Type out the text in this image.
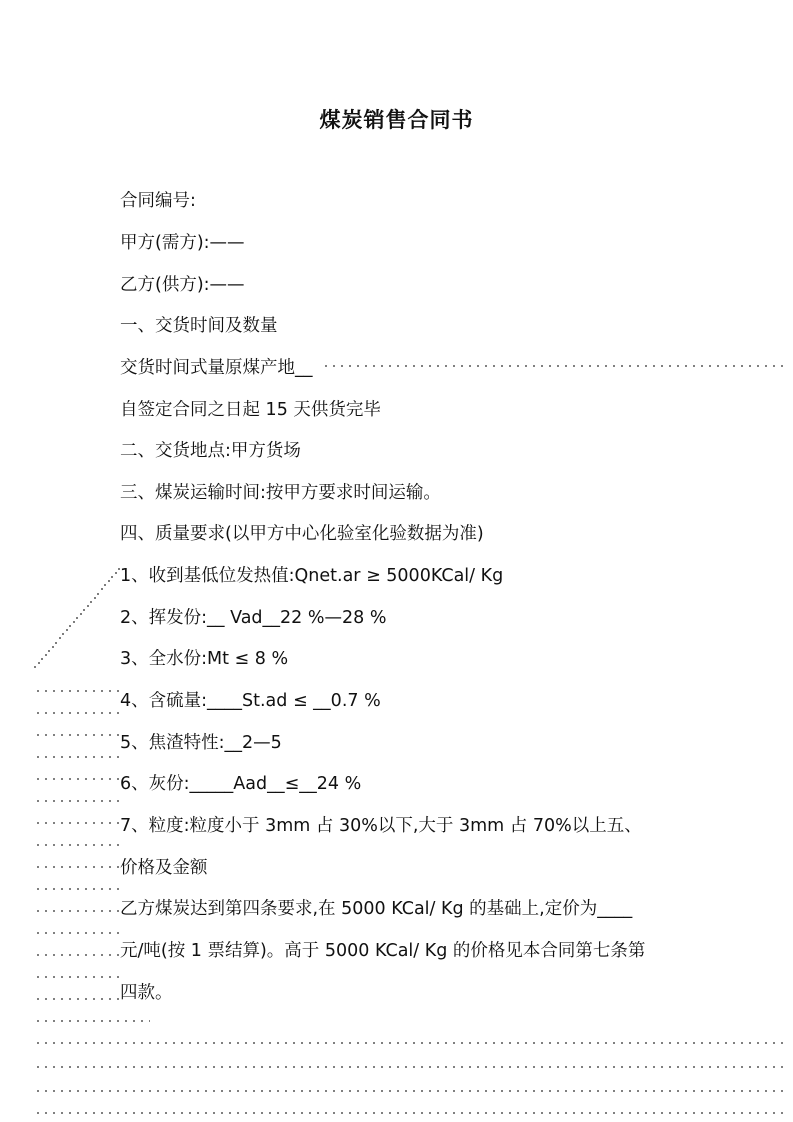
煤炭销售合同书
合同编号:
甲方(需方):——
乙方(供方):——
一、交货时间及数量
交货时间式量原煤产地__
自签定合同之日起 15 天供货完毕
二、交货地点:甲方货场
三、煤炭运输时间:按甲方要求时间运输。
四、质量要求(以甲方中心化验室化验数据为准)
1、收到基低位发热值:Qnet.ar ≥ 5000KCal/ Kg
2、挥发份:__ Vad__22 %—28 %
3、全水份:Mt ≤ 8 %
4、含硫量:____St.ad ≤ __0.7 %
5、焦渣特性:__2—5
6、灰份:_____Aad__≤__24 %
7、粒度:粒度小于 3mm 占 30%以下,大于 3mm 占 70%以上五、
价格及金额
乙方煤炭达到第四条要求,在 5000 KCal/ Kg 的基础上,定价为____
元/吨(按 1 票结算)。高于 5000 KCal/ Kg 的价格见本合同第七条第
四款。
